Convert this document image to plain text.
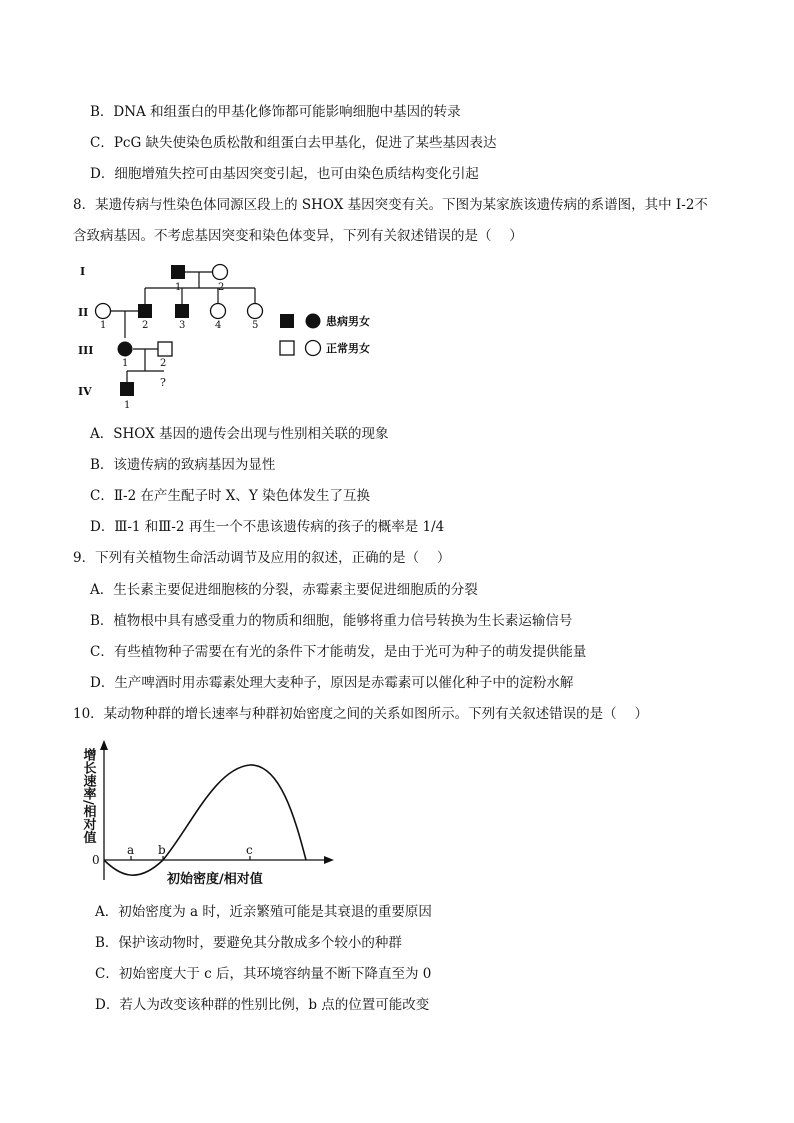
B．DNA 和组蛋白的甲基化修饰都可能影响细胞中基因的转录
C．PcG 缺失使染色质松散和组蛋白去甲基化，促进了某些基因表达
D．细胞增殖失控可由基因突变引起，也可由染色质结构变化引起
8．某遗传病与性染色体同源区段上的 SHOX 基因突变有关。下图为某家族该遗传病的系谱图，其中 I-2不
含致病基因。不考虑基因突变和染色体变异，下列有关叙述错误的是（　 ）
I
II
III
IV
1	2
1	2	3	4	5
1	2
1
?
患病男女
正常男女
A．SHOX 基因的遗传会出现与性别相关联的现象
B．该遗传病的致病基因为显性
C．Ⅱ-2 在产生配子时 X、Y 染色体发生了互换
D．Ⅲ-1 和Ⅲ-2 再生一个不患该遗传病的孩子的概率是 1/4
9．下列有关植物生命活动调节及应用的叙述，正确的是（　 ）
A．生长素主要促进细胞核的分裂，赤霉素主要促进细胞质的分裂
B．植物根中具有感受重力的物质和细胞，能够将重力信号转换为生长素运输信号
C．有些植物种子需要在有光的条件下才能萌发，是由于光可为种子的萌发提供能量
D．生产啤酒时用赤霉素处理大麦种子，原因是赤霉素可以催化种子中的淀粉水解
10．某动物种群的增长速率与种群初始密度之间的关系如图所示。下列有关叙述错误的是（　 ）
增长速率/相对值
0
a b	c
初始密度/相对值
A．初始密度为 a 时，近亲繁殖可能是其衰退的重要原因
B．保护该动物时，要避免其分散成多个较小的种群
C．初始密度大于 c 后，其环境容纳量不断下降直至为 0
D．若人为改变该种群的性别比例，b 点的位置可能改变
